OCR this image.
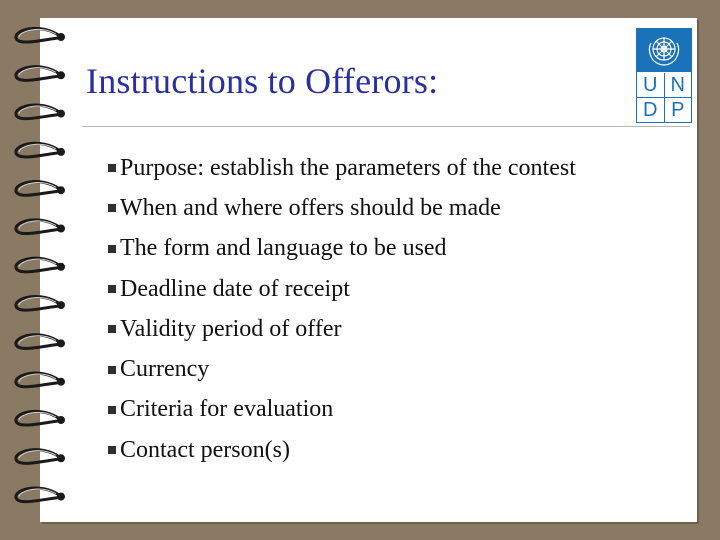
Instructions to Offerors:	U N
D P
Purpose: establish the parameters of the contest
When and where offers should be made
The form and language to be used
Deadline date of receipt
Validity period of offer
Currency
Criteria for evaluation
Contact person(s)
